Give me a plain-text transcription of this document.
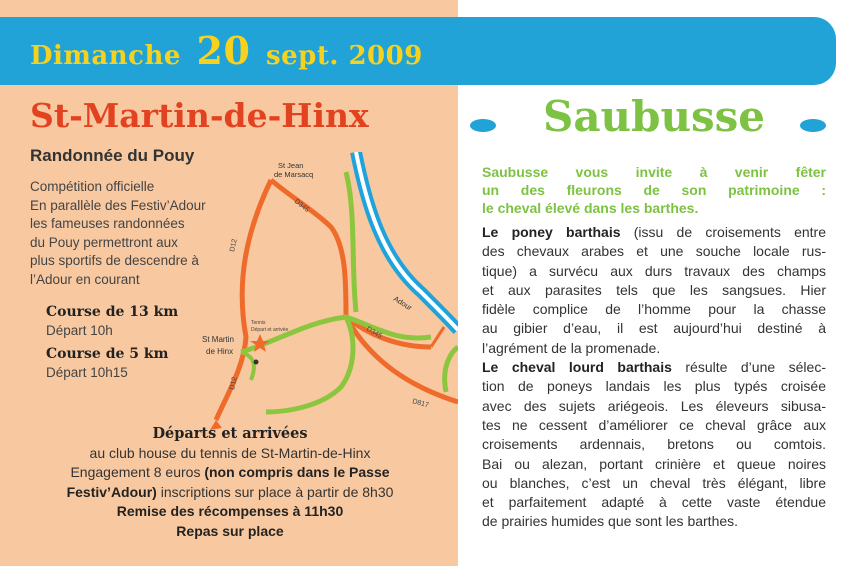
Dimanche 20 sept. 2009
St-Martin-de-Hinx
Randonnée du Pouy
Compétition officielle
En parallèle des Festiv’Adour
les fameuses randonnées
du Pouy permettront aux
plus sportifs de descendre à
l’Adour en courant
Course de 13 km
Départ 10h
Course de 5 km
Départ 10h15
St Jean
de Marsacq
D345
D12
D12
Adour
D345
D817
Tennis
Départ et arrivée
St Martin
de Hinx
Départs et arrivées
au club house du tennis de St-Martin-de-Hinx
Engagement 8 euros (non compris dans le Passe
Festiv’Adour) inscriptions sur place à partir de 8h30
Remise des récompenses à 11h30
Repas sur place
Saubusse
Saubusse vous invite à venir fêter
un des fleurons de son patrimoine :
le cheval élevé dans les barthes.
Le poney barthais (issu de croisements entre
des chevaux arabes et une souche locale rus-
tique) a survécu aux durs travaux des champs
et aux parasites tels que les sangsues. Hier
fidèle complice de l’homme pour la chasse
au gibier d’eau, il est aujourd’hui destiné à
l’agrément de la promenade.
Le cheval lourd barthais résulte d’une sélec-
tion de poneys landais les plus typés croisée
avec des sujets ariégeois. Les éleveurs sibusa-
tes ne cessent d’améliorer ce cheval grâce aux
croisements ardennais, bretons ou comtois.
Bai ou alezan, portant crinière et queue noires
ou blanches, c’est un cheval très élégant, libre
et parfaitement adapté à cette vaste étendue
de prairies humides que sont les barthes.
